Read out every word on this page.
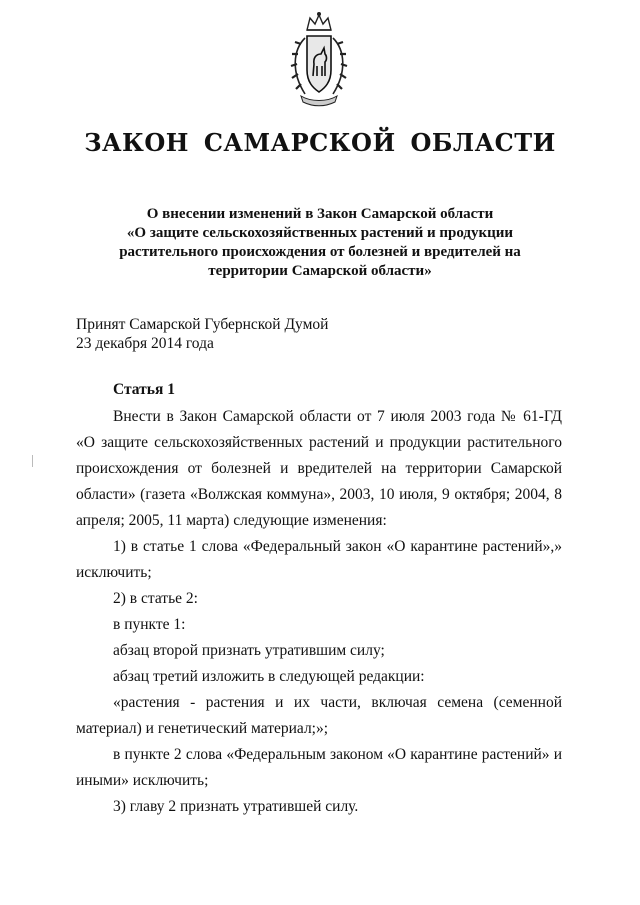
ЗАКОН САМАРСКОЙ ОБЛАСТИ
О внесении изменений в Закон Самарской области
«О защите сельскохозяйственных растений и продукции
растительного происхождения от болезней и вредителей на
территории Самарской области»
Принят Самарской Губернской Думой
23 декабря 2014 года
Статья 1

Внести в Закон Самарской области от 7 июля 2003 года № 61-ГД «О защите сельскохозяйственных растений и продукции растительного происхождения от болезней и вредителей на территории Самарской области» (газета «Волжская коммуна», 2003, 10 июля, 9 октября; 2004, 8 апреля; 2005, 11 марта) следующие изменения:

1) в статье 1 слова «Федеральный закон «О карантине растений»,» исключить;

2) в статье 2:

в пункте 1:

абзац второй признать утратившим силу;

абзац третий изложить в следующей редакции:

«растения - растения и их части, включая семена (семенной материал) и генетический материал;»;

в пункте 2 слова «Федеральным законом «О карантине растений» и иными» исключить;

3) главу 2 признать утратившей силу.
